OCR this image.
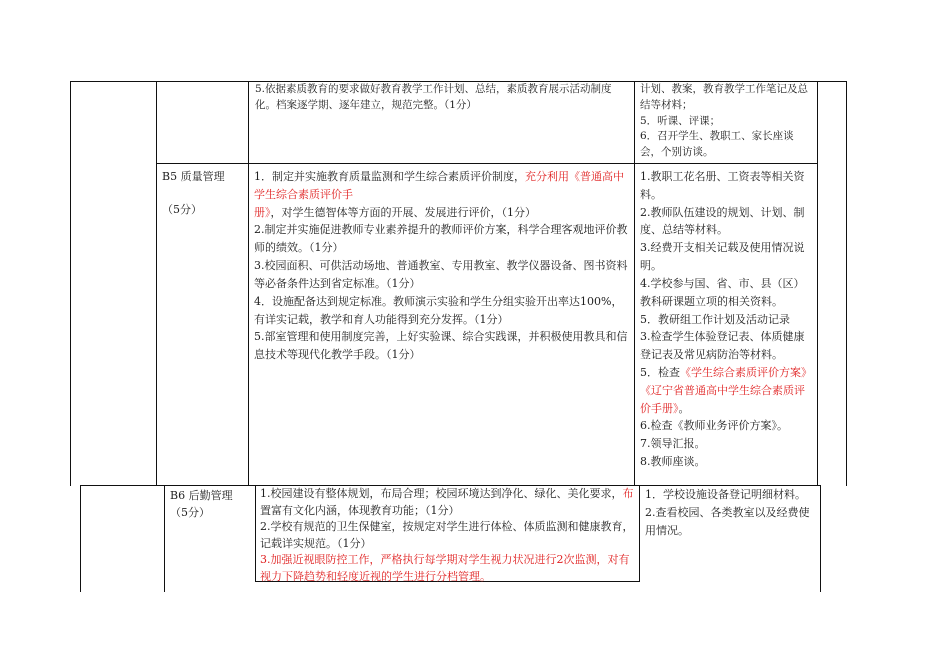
5.依据素质教育的要求做好教育教学工作计划、总结，素质教育展示活动制度化。档案逐学期、逐年建立，规范完整。（1分）

计划、教案，教育教学工作笔记及总结等材料；

5．听课、评课；

6．召开学生、教职工、家长座谈会，个别访谈。

B5 质量管理

（5分）

1．制定并实施教育质量监测和学生综合素质评价制度，充分利用《普通高中学生综合素质评价手册》，对学生德智体等方面的开展、发展进行评价，（1分）

2.制定并实施促进教师专业素养提升的教师评价方案，科学合理客观地评价教师的绩效。（1分）

3.校园面积、可供活动场地、普通教室、专用教室、教学仪器设备、图书资料等必备条件达到省定标准。（1分）

4．设施配备达到规定标准。教师演示实验和学生分组实验开出率达100%，有详实记载，教学和育人功能得到充分发挥。（1分）

5.部室管理和使用制度完善，上好实验课、综合实践课，并积极使用教具和信息技术等现代化教学手段。（1分）

1.教职工花名册、工资表等相关资料。

2.教师队伍建设的规划、计划、制度、总结等材料。

3.经费开支相关记载及使用情况说明。

4.学校参与国、省、市、县（区）教科研课题立项的相关资料。

5．教研组工作计划及活动记录

3.检查学生体验登记表、体质健康登记表及常见病防治等材料。

5．检查《学生综合素质评价方案》《辽宁省普通高中学生综合素质评价手册》。

6.检查《教师业务评价方案》。

7.领导汇报。

8.教师座谈。

B6 后勤管理

（5分）

1.校园建设有整体规划，布局合理；校园环境达到净化、绿化、美化要求，布置富有文化内涵，体现教育功能；（1分）

2.学校有规范的卫生保健室，按规定对学生进行体检、体质监测和健康教育，记载详实规范。（1分）

3.加强近视眼防控工作，严格执行每学期对学生视力状况进行2次监测，对有视力下降趋势和轻度近视的学生进行分档管理。

1．学校设施设备登记明细材料。

2.查看校园、各类教室以及经费使用情况。
